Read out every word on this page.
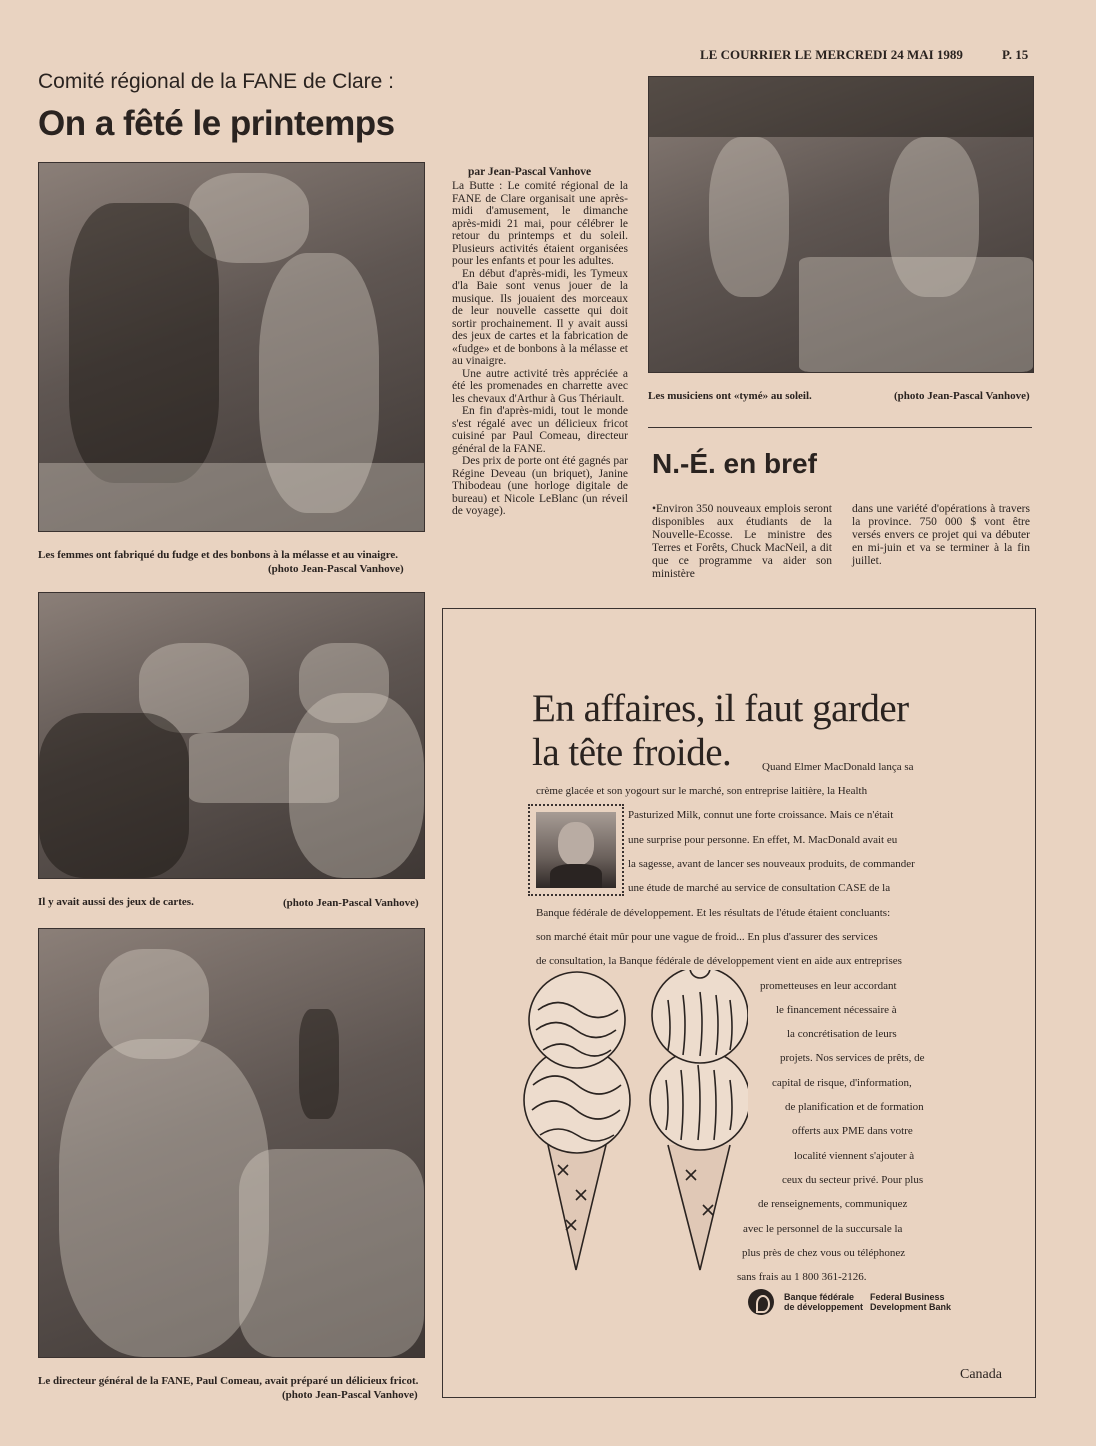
LE COURRIER LE MERCREDI 24 MAI 1989	P. 15
Comité régional de la FANE de Clare :
On a fêté le printemps
Les femmes ont fabriqué du fudge et des bonbons à la mélasse et au vinaigre.
(photo Jean-Pascal Vanhove)
par Jean-Pascal Vanhove

La Butte : Le comité régional de la FANE de Clare organisait une après-midi d'amusement, le dimanche après-midi 21 mai, pour célébrer le retour du printemps et du soleil. Plusieurs activités étaient organisées pour les enfants et pour les adultes.

En début d'après-midi, les Tymeux d'la Baie sont venus jouer de la musique. Ils jouaient des morceaux de leur nouvelle cassette qui doit sortir prochainement. Il y avait aussi des jeux de cartes et la fabrication de «fudge» et de bonbons à la mélasse et au vinaigre.

Une autre activité très appréciée a été les promenades en charrette avec les chevaux d'Arthur à Gus Thériault.

En fin d'après-midi, tout le monde s'est régalé avec un délicieux fricot cuisiné par Paul Comeau, directeur général de la FANE.

Des prix de porte ont été gagnés par Régine Deveau (un briquet), Janine Thibodeau (une horloge digitale de bureau) et Nicole LeBlanc (un réveil de voyage).

Il y avait aussi des jeux de cartes.	(photo Jean-Pascal Vanhove)
Le directeur général de la FANE, Paul Comeau, avait préparé un délicieux fricot.
(photo Jean-Pascal Vanhove)
Les musiciens ont «tymé» au soleil.	(photo Jean-Pascal Vanhove)
N.-É. en bref
•Environ 350 nouveaux emplois seront disponibles aux étudiants de la Nouvelle-Ecosse. Le ministre des Terres et Forêts, Chuck MacNeil, a dit que ce programme va aider son ministère
dans une variété d'opérations à travers la province. 750 000 $ vont être versés envers ce projet qui va débuter en mi-juin et va se terminer à la fin juillet.
En affaires, il faut garder
la tête froide.	Quand Elmer MacDonald lança sa
crème glacée et son yogourt sur le marché, son entreprise laitière, la Health
Pasturized Milk, connut une forte croissance. Mais ce n'était
une surprise pour personne. En effet, M. MacDonald avait eu
la sagesse, avant de lancer ses nouveaux produits, de commander
une étude de marché au service de consultation CASE de la
Banque fédérale de développement. Et les résultats de l'étude étaient concluants:
son marché était mûr pour une vague de froid... En plus d'assurer des services
de consultation, la Banque fédérale de développement vient en aide aux entreprises
prometteuses en leur accordant
le financement nécessaire à
la concrétisation de leurs
projets. Nos services de prêts, de
capital de risque, d'information,
de planification et de formation
offerts aux PME dans votre
localité viennent s'ajouter à
ceux du secteur privé. Pour plus
de renseignements, communiquez
avec le personnel de la succursale la
plus près de chez vous ou téléphonez
sans frais au 1 800 361-2126.
Banque fédérale
de développement
Federal Business
Development Bank
Canada
